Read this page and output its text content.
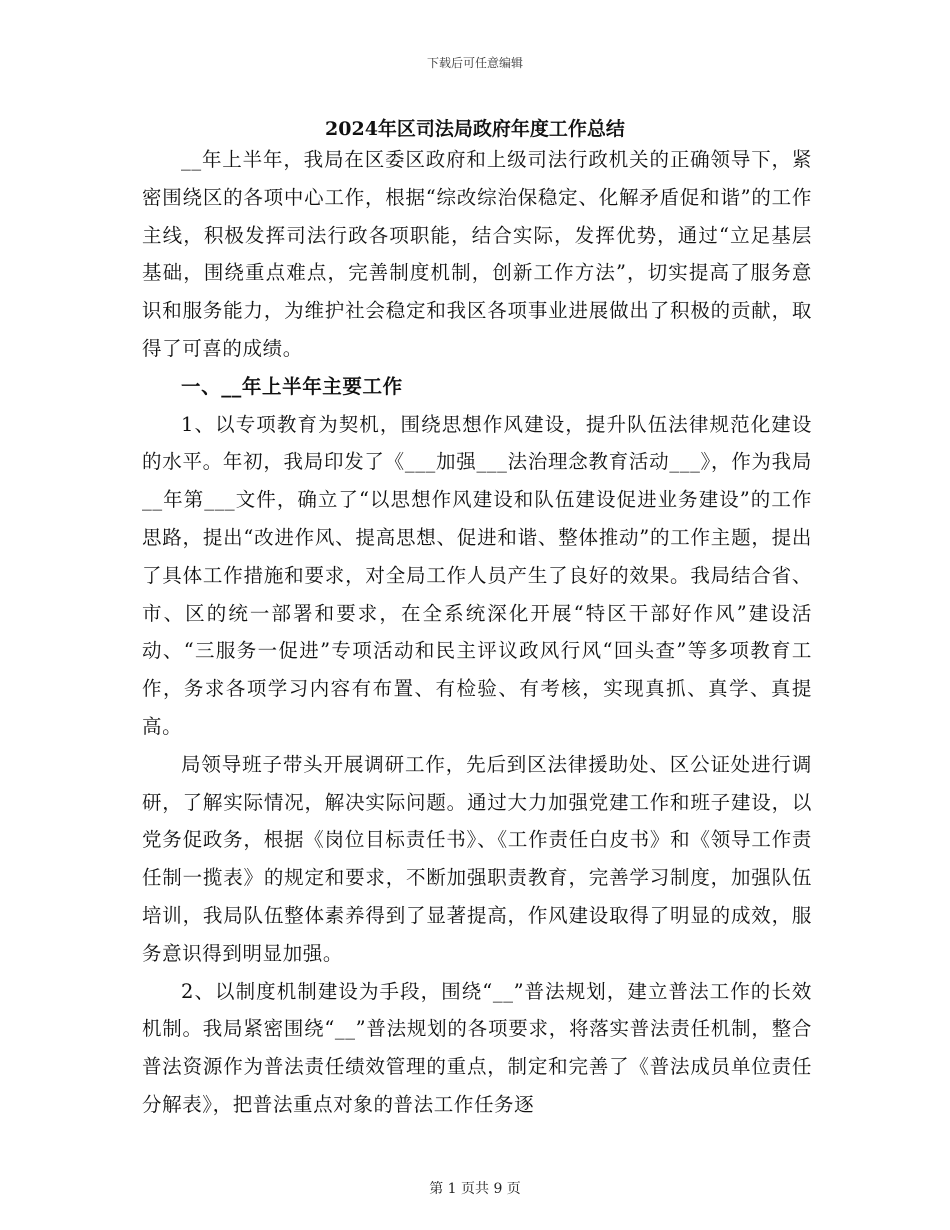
下载后可任意编辑
2024年区司法局政府年度工作总结

__年上半年，我局在区委区政府和上级司法行政机关的正确领导下，紧密围绕区的各项中心工作，根据“综改综治保稳定、化解矛盾促和谐”的工作主线，积极发挥司法行政各项职能，结合实际，发挥优势，通过“立足基层基础，围绕重点难点，完善制度机制，创新工作方法”，切实提高了服务意识和服务能力，为维护社会稳定和我区各项事业进展做出了积极的贡献，取得了可喜的成绩。

一、__年上半年主要工作

1、以专项教育为契机，围绕思想作风建设，提升队伍法律规范化建设的水平。年初，我局印发了《___加强___法治理念教育活动___》，作为我局__年第___文件，确立了“以思想作风建设和队伍建设促进业务建设”的工作思路，提出“改进作风、提高思想、促进和谐、整体推动”的工作主题，提出了具体工作措施和要求，对全局工作人员产生了良好的效果。我局结合省、市、区的统一部署和要求，在全系统深化开展“特区干部好作风”建设活动、“三服务一促进”专项活动和民主评议政风行风“回头查”等多项教育工作，务求各项学习内容有布置、有检验、有考核，实现真抓、真学、真提高。

局领导班子带头开展调研工作，先后到区法律援助处、区公证处进行调研，了解实际情况，解决实际问题。通过大力加强党建工作和班子建设，以党务促政务，根据《岗位目标责任书》、《工作责任白皮书》和《领导工作责任制一揽表》的规定和要求，不断加强职责教育，完善学习制度，加强队伍培训，我局队伍整体素养得到了显著提高，作风建设取得了明显的成效，服务意识得到明显加强。

2、以制度机制建设为手段，围绕“__”普法规划，建立普法工作的长效机制。我局紧密围绕“__”普法规划的各项要求，将落实普法责任机制，整合普法资源作为普法责任绩效管理的重点，制定和完善了《普法成员单位责任分解表》，把普法重点对象的普法工作任务逐

第 1 页共 9 页
